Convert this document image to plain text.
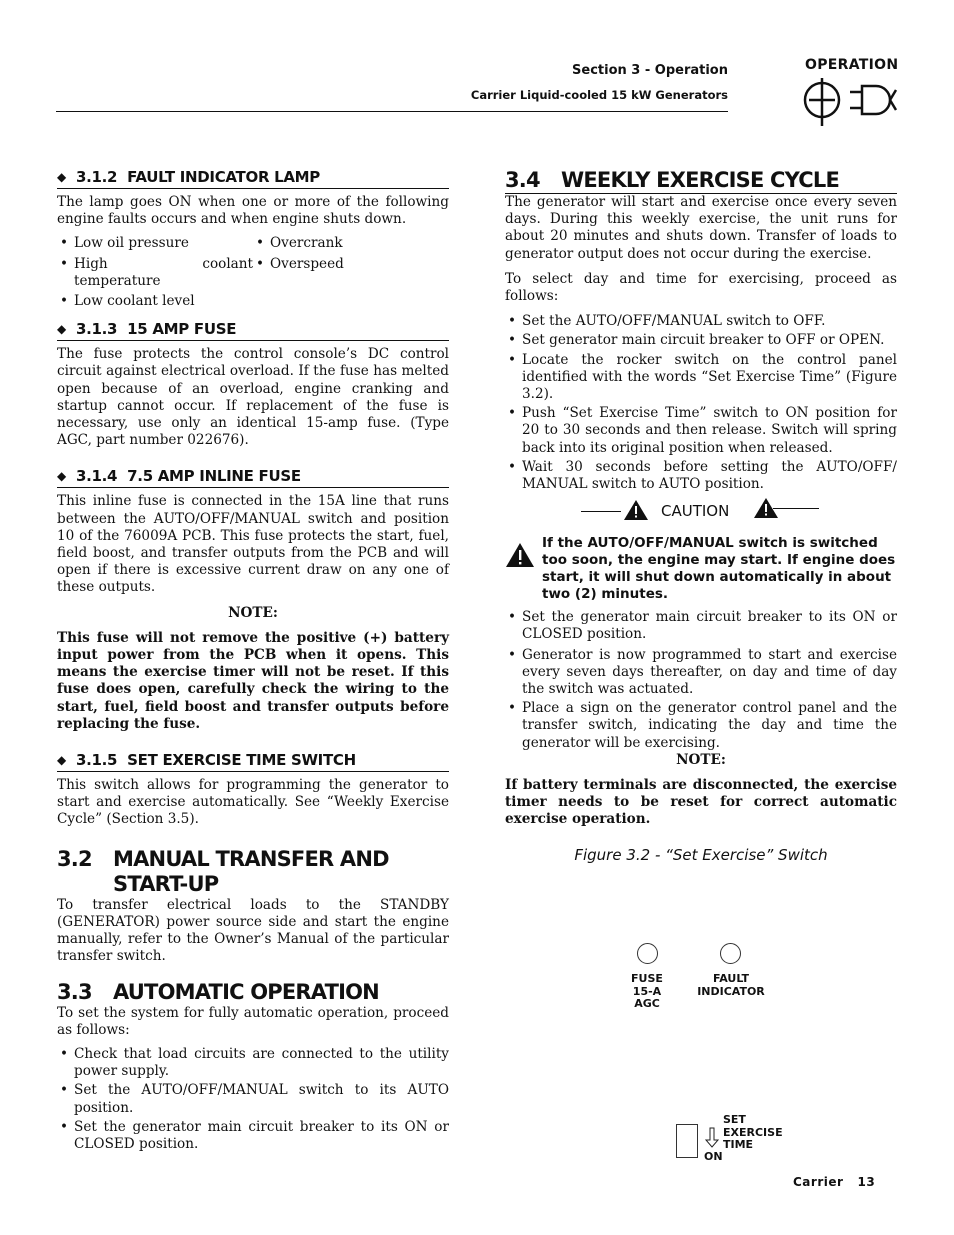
Section 3 - Operation
Carrier Liquid-cooled 15 kW Generators
OPERATION
◆ 3.1.2 FAULT INDICATOR LAMP

The lamp goes ON when one or more of the following engine faults occurs and when engine shuts down.

• Low oil pressure
• High coolant temperature
• Low coolant level
• Overcrank
• Overspeed
◆ 3.1.3 15 AMP FUSE

The fuse protects the control console’s DC control circuit against electrical overload. If the fuse has melted open because of an overload, engine cranking and startup cannot occur. If replacement of the fuse is necessary, use only an identical 15-amp fuse. (Type AGC, part number 022676).

◆ 3.1.4 7.5 AMP INLINE FUSE

This inline fuse is connected in the 15A line that runs between the AUTO/OFF/MANUAL switch and position 10 of the 76009A PCB. This fuse protects the start, fuel, field boost, and transfer outputs from the PCB and will open if there is excessive current draw on any one of these outputs.

NOTE:

This fuse will not remove the positive (+) battery input power from the PCB when it opens. This means the exercise timer will not be reset. If this fuse does open, carefully check the wiring to the start, fuel, field boost and transfer outputs before replacing the fuse.

◆ 3.1.5 SET EXERCISE TIME SWITCH

This switch allows for programming the generator to start and exercise automatically. See “Weekly Exercise Cycle” (Section 3.5).

3.2 MANUAL TRANSFER AND
START-UP

To transfer electrical loads to the STANDBY (GENERATOR) power source side and start the engine manually, refer to the Owner’s Manual of the particular transfer switch.

3.3 AUTOMATIC OPERATION

To set the system for fully automatic operation, proceed as follows:

• Check that load circuits are connected to the utility power supply.
• Set the AUTO/OFF/MANUAL switch to its AUTO position.
• Set the generator main circuit breaker to its ON or CLOSED position.
3.4 WEEKLY EXERCISE CYCLE

The generator will start and exercise once every seven days. During this weekly exercise, the unit runs for about 20 minutes and shuts down. Transfer of loads to generator output does not occur during the exercise.

To select day and time for exercising, proceed as follows:

• Set the AUTO/OFF/MANUAL switch to OFF.
• Set generator main circuit breaker to OFF or OPEN.
• Locate the rocker switch on the control panel identified with the words “Set Exercise Time” (Figure 3.2).
• Push “Set Exercise Time” switch to ON position for 20 to 30 seconds and then release. Switch will spring back into its original position when released.
• Wait 30 seconds before setting the AUTO/OFF/ MANUAL switch to AUTO position.
CAUTION

If the AUTO/OFF/MANUAL switch is switched too soon, the engine may start. If engine does start, it will shut down automatically in about two (2) minutes.

• Set the generator main circuit breaker to its ON or CLOSED position.
• Generator is now programmed to start and exercise every seven days thereafter, on day and time of day the switch was actuated.
• Place a sign on the generator control panel and the transfer switch, indicating the day and time the generator will be exercising.

NOTE:

If battery terminals are disconnected, the exercise timer needs to be reset for correct automatic exercise operation.

Figure 3.2 - “Set Exercise” Switch

FUSE
15-A
AGC
FAULT
INDICATOR
SET
EXERCISE
TIME
ON
Carrier 13
